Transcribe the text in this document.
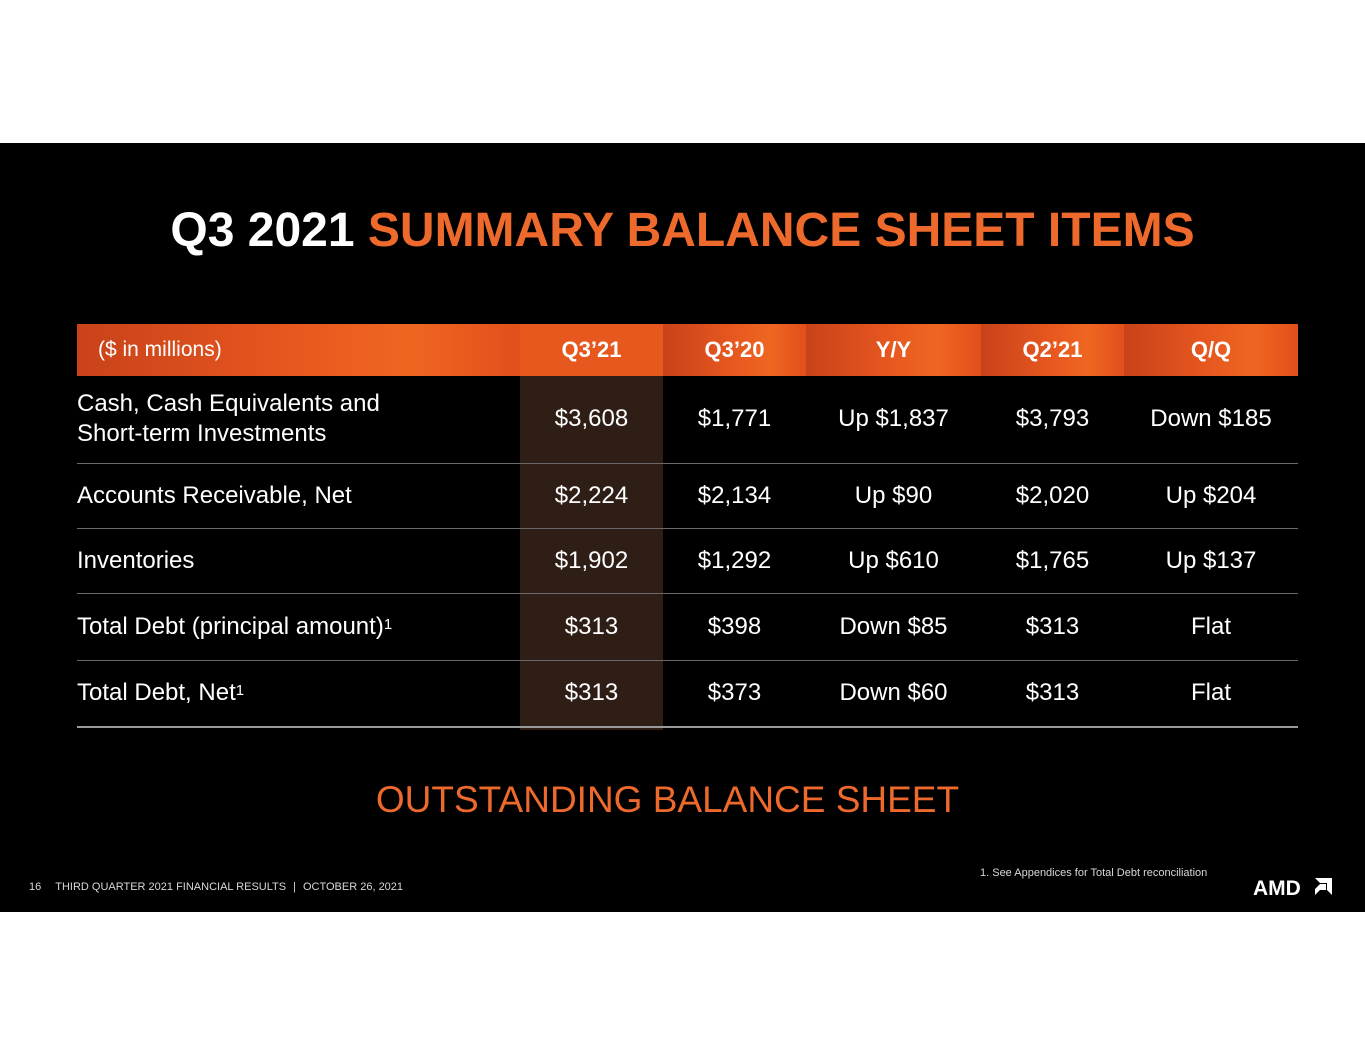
Q3 2021 SUMMARY BALANCE SHEET ITEMS
($ in millions)	Q3’21	Q3’20	Y/Y	Q2’21	Q/Q
Cash, Cash Equivalents and
Short-term Investments	$3,608	$1,771	Up $1,837	$3,793	Down $185
Accounts Receivable, Net	$2,224	$2,134	Up $90	$2,020	Up $204
Inventories	$1,902	$1,292	Up $610	$1,765	Up $137
Total Debt (principal amount)$^1$	$313	$398	Down $85	$313	Flat
Total Debt, Net$^1$	$313	$373	Down $60	$313	Flat
OUTSTANDING BALANCE SHEET
1. See Appendices for Total Debt reconciliation
16 THIRD QUARTER 2021 FINANCIAL RESULTS | OCTOBER 26, 2021	AMD
